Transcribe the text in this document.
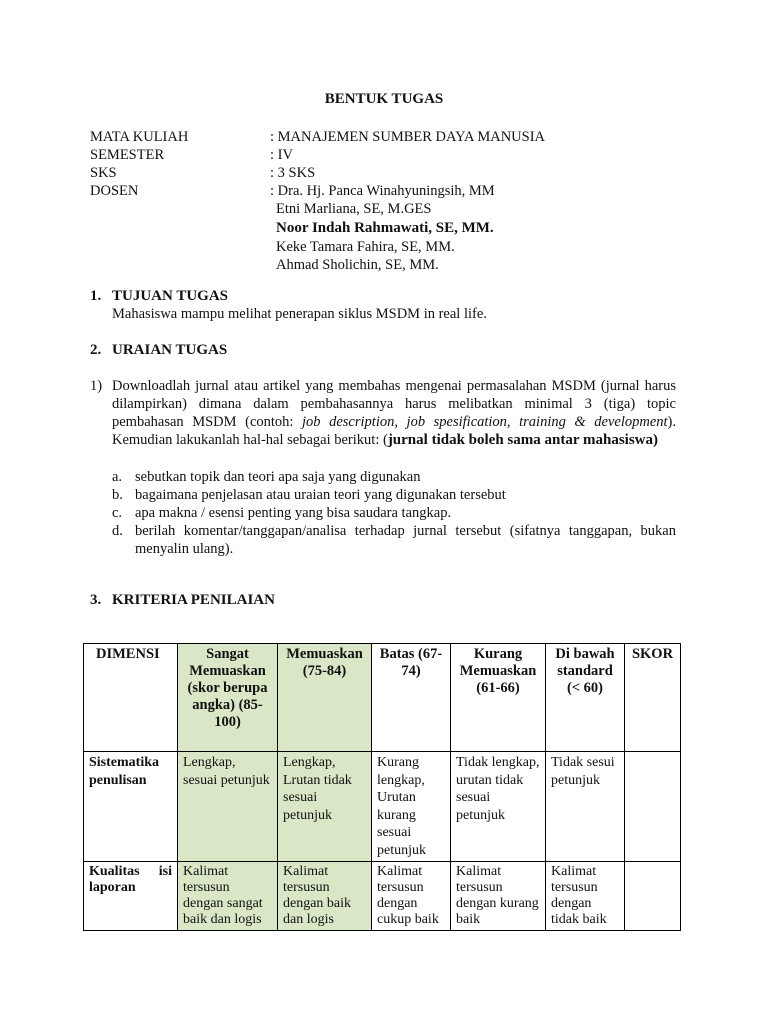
BENTUK TUGAS
MATA KULIAH	: MANAJEMEN SUMBER DAYA MANUSIA
SEMESTER	: IV
SKS	: 3 SKS
DOSEN	: Dra. Hj. Panca Winahyuningsih, MM
Etni Marliana, SE, M.GES
Noor Indah Rahmawati, SE, MM.
Keke Tamara Fahira, SE, MM.
Ahmad Sholichin, SE, MM.
1. TUJUAN TUGAS
Mahasiswa mampu melihat penerapan siklus MSDM in real life.
2. URAIAN TUGAS
1) Downloadlah jurnal atau artikel yang membahas mengenai permasalahan MSDM (jurnal harus dilampirkan) dimana dalam pembahasannya harus melibatkan minimal 3 (tiga) topic pembahasan MSDM (contoh: job description, job spesification, training & development). Kemudian lakukanlah hal-hal sebagai berikut: (jurnal tidak boleh sama antar mahasiswa)
a. sebutkan topik dan teori apa saja yang digunakan
b. bagaimana penjelasan atau uraian teori yang digunakan tersebut
c. apa makna / esensi penting yang bisa saudara tangkap.
d. berilah komentar/tanggapan/analisa terhadap jurnal tersebut (sifatnya tanggapan, bukan menyalin ulang).
3. KRITERIA PENILAIAN
DIMENSI	Sangat Memuaskan (skor berupa angka) (85-100)	Memuaskan (75-84)	Batas (67-74)	Kurang Memuaskan (61-66)	Di bawah standard (< 60)	SKOR
Sistematika penulisan	Lengkap, sesuai petunjuk	Lengkap, Lrutan tidak sesuai petunjuk	Kurang lengkap, Urutan kurang sesuai petunjuk	Tidak lengkap, urutan tidak sesuai petunjuk	Tidak sesui petunjuk	

Kualitas isi
laporan	Kalimat tersusun dengan sangat baik dan logis	Kalimat tersusun dengan baik dan logis	Kalimat tersusun dengan cukup baik	Kalimat tersusun dengan kurang baik	Kalimat tersusun dengan tidak baik	
